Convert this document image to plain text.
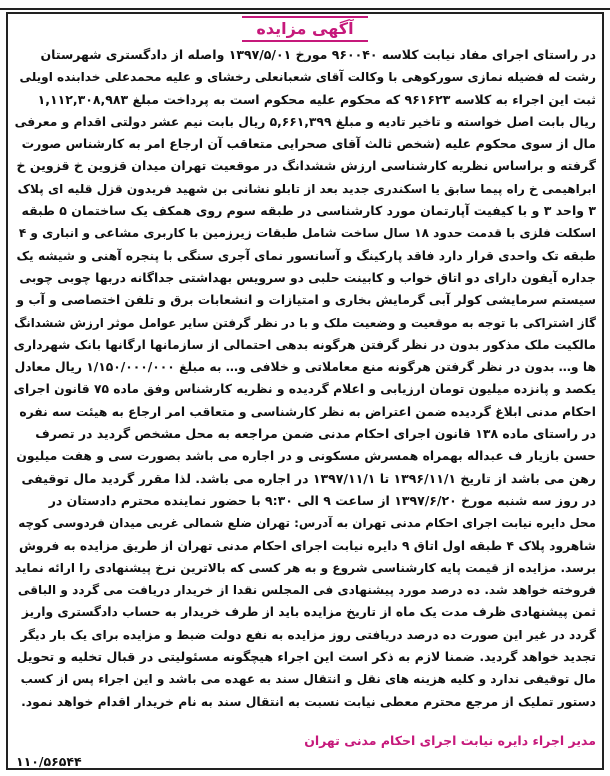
آگهی مزایده
در راستای اجرای مفاد نیابت کلاسه ۹۶۰۰۴۰ مورخ ۱۳۹۷/۵/۰۱ واصله از دادگستری شهرستان
رشت له فضیله نمازی سورکوهی با وکالت آقای شعبانعلی رخشای و علیه محمدعلی خدابنده اویلی
ثبت این اجراء به کلاسه ۹۶۱۶۲۳ که محکوم علیه محکوم است به پرداخت مبلغ ۱,۱۱۲,۳۰۸,۹۸۳
ریال بابت اصل خواسته و تاخیر تادیه و مبلغ ۵,۶۶۱,۳۹۹ ریال بابت نیم عشر دولتی اقدام و معرفی
مال از سوی محکوم علیه (شخص ثالث آقای صحرایی متعاقب آن ارجاع امر به کارشناس صورت
گرفته و براساس نظریه کارشناسی ارزش ششدانگ در موقعیت تهران میدان قزوین خ قزوین خ
ابراهیمی خ راه پیما سابق یا اسکندری جدید بعد از تابلو نشانی بن شهید فریدون قزل قلیه ای پلاک
۳ واحد ۳ و با کیفیت آپارتمان مورد کارشناسی در طبقه سوم روی همکف یک ساختمان ۵ طبقه
اسکلت فلزی با قدمت حدود ۱۸ سال ساخت شامل طبقات زیرزمین با کاربری مشاعی و انباری و ۴
طبقه تک واحدی قرار دارد فاقد پارکینگ و آسانسور نمای آجری سنگی با پنجره آهنی و شیشه یک
جداره آیفون دارای دو اتاق خواب و کابینت حلبی دو سرویس بهداشتی جداگانه دربها چوبی چوبی
سیستم سرمایشی کولر آبی گرمایش بخاری و امتیازات و انشعابات برق و تلفن اختصاصی و آب و
گاز اشتراکی با توجه به موقعیت و وضعیت ملک و با در نظر گرفتن سایر عوامل موثر ارزش ششدانگ
مالکیت ملک مذکور بدون در نظر گرفتن هرگونه بدهی احتمالی از سازمانها ارگانها بانک شهرداری
ها و… بدون در نظر گرفتن هرگونه منع معاملاتی و خلافی و… به مبلغ ۱/۱۵۰/۰۰۰/۰۰۰ ریال معادل
یکصد و پانزده میلیون تومان ارزیابی و اعلام گردیده و نظریه کارشناس وفق ماده ۷۵ قانون اجرای
احکام مدنی ابلاغ گردیده ضمن اعتراض به نظر کارشناسی و متعاقب امر ارجاع به هیئت سه نفره
در راستای ماده ۱۳۸ قانون اجرای احکام مدنی ضمن مراجعه به محل مشخص گردید در تصرف
حسن بازیار ف عبداله بهمراه همسرش مسکونی و در اجاره می باشد بصورت سی و هفت میلیون
رهن می باشد از تاریخ ۱۳۹۶/۱۱/۱ تا ۱۳۹۷/۱۱/۱ در اجاره می باشد. لذا مقرر گردید مال توقیفی
در روز سه شنبه مورخ ۱۳۹۷/۶/۲۰ از ساعت ۹ الی ۹:۳۰ با حضور نماینده محترم دادستان در
محل دایره نیابت اجرای احکام مدنی تهران به آدرس: تهران ضلع شمالی غربی میدان فردوسی کوچه
شاهرود پلاک ۴ طبقه اول اتاق ۹ دایره نیابت اجرای احکام مدنی تهران از طریق مزایده به فروش
برسد. مزایده از قیمت پایه کارشناسی شروع و به هر کسی که بالاترین نرخ پیشنهادی را ارائه نماید
فروخته خواهد شد. ده درصد مورد پیشنهادی فی المجلس نقدا از خریدار دریافت می گردد و الباقی
ثمن پیشنهادی ظرف مدت یک ماه از تاریخ مزایده باید از طرف خریدار به حساب دادگستری واریز
گردد در غیر این صورت ده درصد دریافتی روز مزایده به نفع دولت ضبط و مزایده برای یک بار دیگر
تجدید خواهد گردید. ضمنا لازم به ذکر است این اجراء هیچگونه مسئولیتی در قبال تخلیه و تحویل
مال توقیفی ندارد و کلیه هزینه های نقل و انتقال سند به عهده می باشد و این اجراء پس از کسب
دستور تملیک از مرجع محترم معطی نیابت نسبت به انتقال سند به نام خریدار اقدام خواهد نمود.
مدیر اجراء دایره نیابت اجرای احکام مدنی تهران
۱۱۰/۵۶۵۴۴
